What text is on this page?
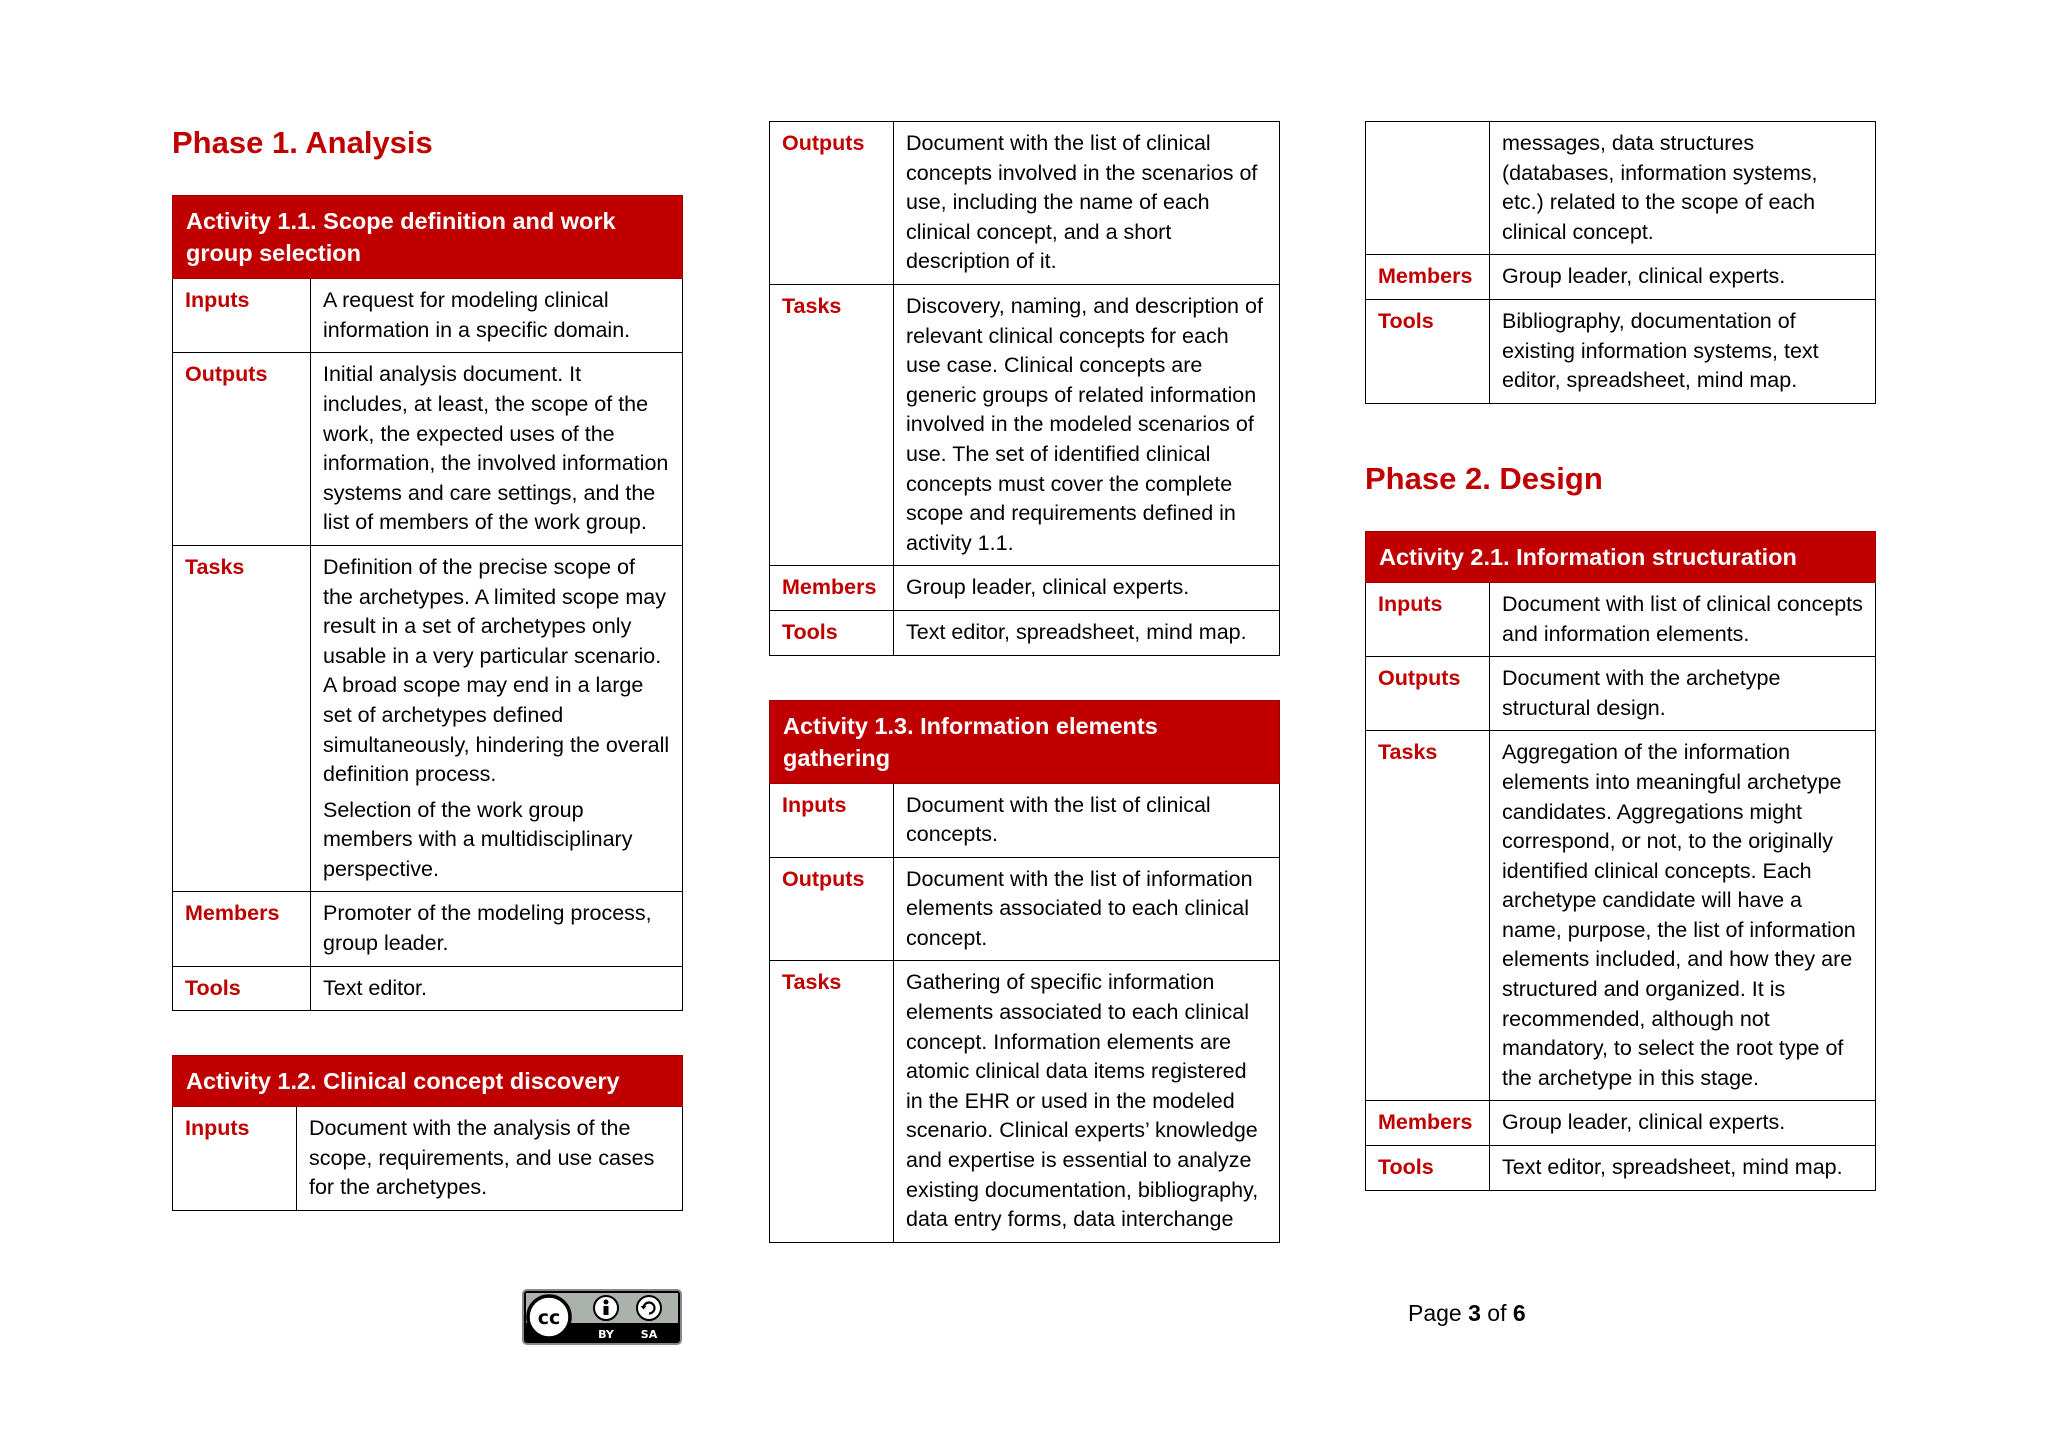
Phase 1. Analysis
Activity 1.1. Scope definition and work group selection	
Inputs	A request for modeling clinical information in a specific domain.
Outputs	Initial analysis document. It includes, at least, the scope of the work, the expected uses of the information, the involved information systems and care settings, and the list of members of the work group.
Tasks	Definition of the precise scope of the archetypes. A limited scope may result in a set of archetypes only usable in a very particular scenario. A broad scope may end in a large set of archetypes defined simultaneously, hindering the overall definition process.
Selection of the work group members with a multidisciplinary perspective.

Members	Promoter of the modeling process, group leader.
Tools	Text editor.
Activity 1.2. Clinical concept discovery
Inputs	Document with the analysis of the scope, requirements, and use cases for the archetypes.
Outputs	Document with the list of clinical concepts involved in the scenarios of use, including the name of each clinical concept, and a short description of it.
Tasks	Discovery, naming, and description of relevant clinical concepts for each use case. Clinical concepts are generic groups of related information involved in the modeled scenarios of use. The set of identified clinical concepts must cover the complete scope and requirements defined in activity 1.1.
Members	Group leader, clinical experts.
Tools	Text editor, spreadsheet, mind map.
Activity 1.3. Information elements gathering	
Inputs	Document with the list of clinical concepts.
Outputs	Document with the list of information elements associated to each clinical concept.
Tasks	Gathering of specific information elements associated to each clinical concept. Information elements are atomic clinical data items registered in the EHR or used in the modeled scenario. Clinical experts’ knowledge and expertise is essential to analyze existing documentation, bibliography, data entry forms, data interchange
	messages, data structures (databases, information systems, etc.) related to the scope of each clinical concept.
Members	Group leader, clinical experts.
Tools	Bibliography, documentation of existing information systems, text editor, spreadsheet, mind map.
Phase 2. Design
Activity 2.1. Information structuration	
Inputs	Document with list of clinical concepts and information elements.
Outputs	Document with the archetype structural design.
Tasks	Aggregation of the information elements into meaningful archetype candidates. Aggregations might correspond, or not, to the originally identified clinical concepts. Each archetype candidate will have a name, purpose, the list of information elements included, and how they are structured and organized. It is recommended, although not mandatory, to select the root type of the archetype in this stage.
Members	Group leader, clinical experts.
Tools	Text editor, spreadsheet, mind map.
cc
BY SA
Page 3 of 6
